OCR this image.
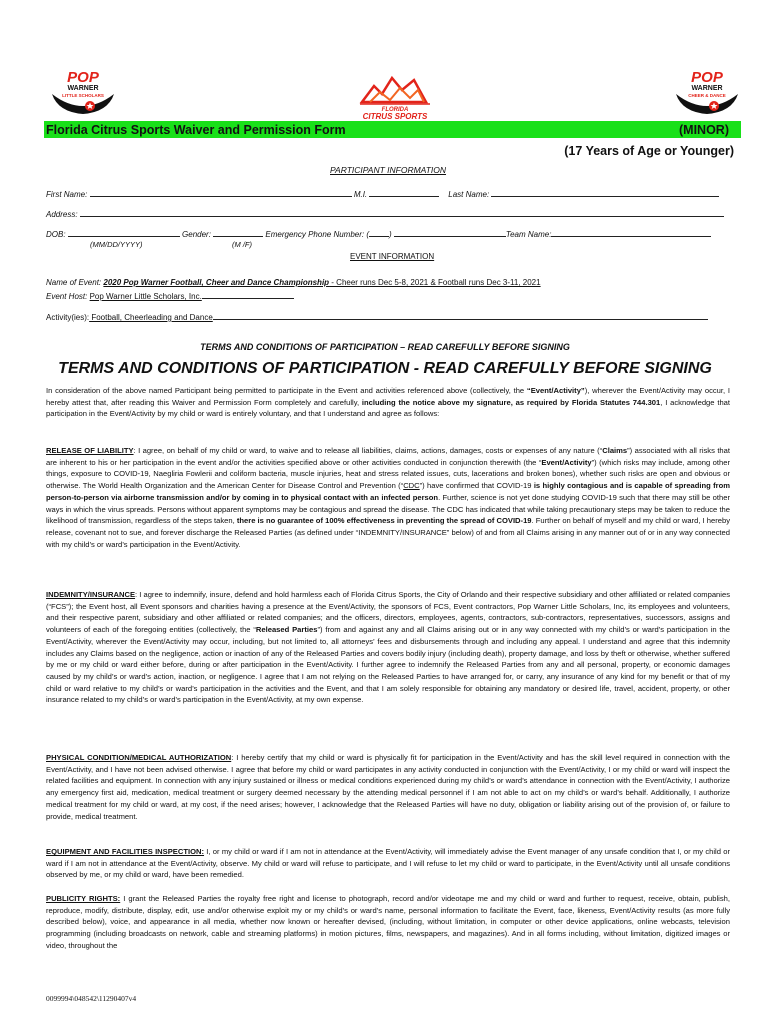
POP
WARNER
LITTLE SCHOLARS
FLORIDA
CITRUS SPORTS
POP
WARNER
CHEER & DANCE
Florida Citrus Sports Waiver and Permission Form	(MINOR)
(17 Years of Age or Younger)
PARTICIPANT INFORMATION
First Name:	M.I.	Last Name:
Address:
DOB:	Gender:	Emergency Phone Number: (	)	Team Name:
(MM/DD/YYYY)	(M /F)
EVENT INFORMATION
Name of Event: 2020 Pop Warner Football, Cheer and Dance Championship - Cheer runs Dec 5-8, 2021 & Football runs Dec 3-11, 2021
Event Host: Pop Warner Little Scholars, Inc.
Activity(ies): Football, Cheerleading and Dance
TERMS AND CONDITIONS OF PARTICIPATION – READ CAREFULLY BEFORE SIGNING
TERMS AND CONDITIONS OF PARTICIPATION - READ CAREFULLY BEFORE SIGNING

In consideration of the above named Participant being permitted to participate in the Event and activities referenced above (collectively, the “Event/Activity”), wherever the Event/Activity may occur, I hereby attest that, after reading this Waiver and Permission Form completely and carefully, including the notice above my signature, as required by Florida Statutes 744.301, I acknowledge that participation in the Event/Activity by my child or ward is entirely voluntary, and that I understand and agree as follows:

RELEASE OF LIABILITY: I agree, on behalf of my child or ward, to waive and to release all liabilities, claims, actions, damages, costs or expenses of any nature (“Claims”) associated with all risks that are inherent to his or her participation in the event and/or the activities specified above or other activities conducted in conjunction therewith (the “Event/Activity”) (which risks may include, among other things, exposure to COVID-19, Naegliria Fowlerii and coliform bacteria, muscle injuries, heat and stress related issues, cuts, lacerations and broken bones), whether such risks are open and obvious or otherwise. The World Health Organization and the American Center for Disease Control and Prevention (“CDC”) have confirmed that COVID-19 is highly contagious and is capable of spreading from person-to-person via airborne transmission and/or by coming in to physical contact with an infected person. Further, science is not yet done studying COVID-19 such that there may still be other ways in which the virus spreads. Persons without apparent symptoms may be contagious and spread the disease. The CDC has indicated that while taking precautionary steps may be taken to reduce the likelihood of transmission, regardless of the steps taken, there is no guarantee of 100% effectiveness in preventing the spread of COVID-19. Further on behalf of myself and my child or ward, I hereby release, covenant not to sue, and forever discharge the Released Parties (as defined under “INDEMNITY/INSURANCE” below) of and from all Claims arising in any manner out of or in any way connected with my child’s or ward’s participation in the Event/Activity.

INDEMNITY/INSURANCE: I agree to indemnify, insure, defend and hold harmless each of Florida Citrus Sports, the City of Orlando and their respective subsidiary and other affiliated or related companies (“FCS”); the Event host, all Event sponsors and charities having a presence at the Event/Activity, the sponsors of FCS, Event contractors, Pop Warner Little Scholars, Inc, its employees and volunteers, and their respective parent, subsidiary and other affiliated or related companies; and the officers, directors, employees, agents, contractors, sub-contractors, representatives, successors, assigns and volunteers of each of the foregoing entities (collectively, the “Released Parties”) from and against any and all Claims arising out or in any way connected with my child’s or ward’s participation in the Event/Activity, wherever the Event/Activity may occur, including, but not limited to, all attorneys’ fees and disbursements through and including any appeal. I understand and agree that this indemnity includes any Claims based on the negligence, action or inaction of any of the Released Parties and covers bodily injury (including death), property damage, and loss by theft or otherwise, whether suffered by me or my child or ward either before, during or after participation in the Event/Activity. I further agree to indemnify the Released Parties from any and all personal, property, or economic damages caused by my child’s or ward’s action, inaction, or negligence. I agree that I am not relying on the Released Parties to have arranged for, or carry, any insurance of any kind for my benefit or that of my child or ward relative to my child’s or ward’s participation in the activities and the Event, and that I am solely responsible for obtaining any mandatory or desired life, travel, accident, property, or other insurance related to my child’s or ward’s participation in the Event/Activity, at my own expense.

PHYSICAL CONDITION/MEDICAL AUTHORIZATION: I hereby certify that my child or ward is physically fit for participation in the Event/Activity and has the skill level required in connection with the Event/Activity, and I have not been advised otherwise. I agree that before my child or ward participates in any activity conducted in conjunction with the Event/Activity, I or my child or ward will inspect the related facilities and equipment. In connection with any injury sustained or illness or medical conditions experienced during my child’s or ward’s attendance in connection with the Event/Activity, I authorize any emergency first aid, medication, medical treatment or surgery deemed necessary by the attending medical personnel if I am not able to act on my child’s or ward’s behalf. Additionally, I authorize medical treatment for my child or ward, at my cost, if the need arises; however, I acknowledge that the Released Parties will have no duty, obligation or liability arising out of the provision of, or failure to provide, medical treatment.

EQUIPMENT AND FACILITIES INSPECTION: I, or my child or ward if I am not in attendance at the Event/Activity, will immediately advise the Event manager of any unsafe condition that I, or my child or ward if I am not in attendance at the Event/Activity, observe. My child or ward will refuse to participate, and I will refuse to let my child or ward to participate, in the Event/Activity until all unsafe conditions observed by me, or my child or ward, have been remedied.

PUBLICITY RIGHTS: I grant the Released Parties the royalty free right and license to photograph, record and/or videotape me and my child or ward and further to request, receive, obtain, publish, reproduce, modify, distribute, display, edit, use and/or otherwise exploit my or my child’s or ward’s name, personal information to facilitate the Event, face, likeness, Event/Activity results (as more fully described below), voice, and appearance in all media, whether now known or hereafter devised, (including, without limitation, in computer or other device applications, online webcasts, television programming (including broadcasts on network, cable and streaming platforms) in motion pictures, films, newspapers, and magazines). And in all forms including, without limitation, digitized images or video, throughout the

0099994\048542\11290407v4
